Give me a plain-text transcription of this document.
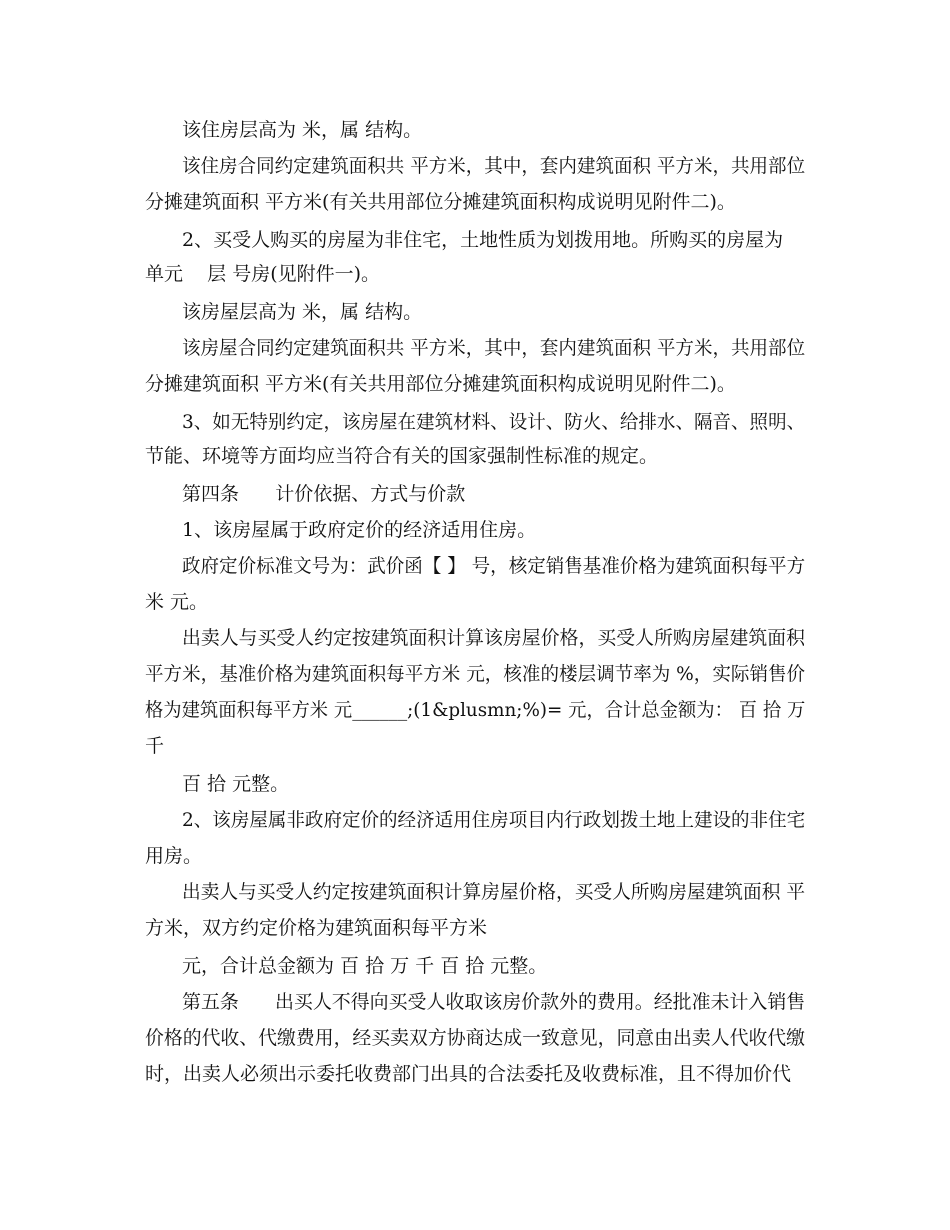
该住房层高为 米，属 结构。
该住房合同约定建筑面积共 平方米，其中，套内建筑面积 平方米，共用部位
分摊建筑面积 平方米(有关共用部位分摊建筑面积构成说明见附件二)。
2、买受人购买的房屋为非住宅，土地性质为划拨用地。所购买的房屋为
单元    层 号房(见附件一)。
该房屋层高为 米，属 结构。
该房屋合同约定建筑面积共 平方米，其中，套内建筑面积 平方米，共用部位
分摊建筑面积 平方米(有关共用部位分摊建筑面积构成说明见附件二)。
3、如无特别约定，该房屋在建筑材料、设计、防火、给排水、隔音、照明、
节能、环境等方面均应当符合有关的国家强制性标准的规定。
第四条      计价依据、方式与价款
1、该房屋属于政府定价的经济适用住房。
政府定价标准文号为：武价函【 】 号，核定销售基准价格为建筑面积每平方
米 元。
出卖人与买受人约定按建筑面积计算该房屋价格，买受人所购房屋建筑面积
平方米，基准价格为建筑面积每平方米 元，核准的楼层调节率为 %，实际销售价
格为建筑面积每平方米 元______;(1&plusmn;%)= 元，合计总金额为： 百 拾 万
千
百 拾 元整。
2、该房屋属非政府定价的经济适用住房项目内行政划拨土地上建设的非住宅
用房。
出卖人与买受人约定按建筑面积计算房屋价格，买受人所购房屋建筑面积 平
方米，双方约定价格为建筑面积每平方米
元，合计总金额为 百 拾 万 千 百 拾 元整。
第五条      出买人不得向买受人收取该房价款外的费用。经批准未计入销售
价格的代收、代缴费用，经买卖双方协商达成一致意见，同意由出卖人代收代缴
时，出卖人必须出示委托收费部门出具的合法委托及收费标准，且不得加价代
